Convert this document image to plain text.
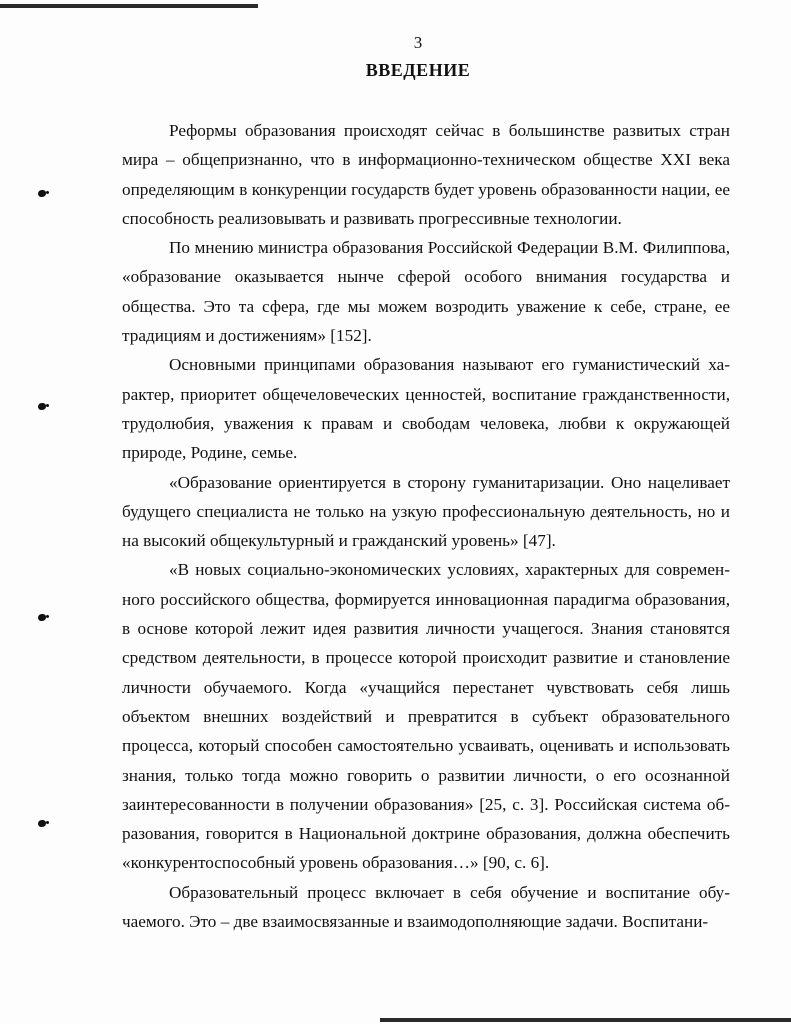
3
ВВЕДЕНИЕ

Реформы образования происходят сейчас в большинстве развитых стран мира – общепризнанно, что в информационно-техническом обществе XXI века определяющим в конкуренции государств будет уровень образованности нации, ее способность реализовывать и развивать прогрессивные технологии.

По мнению министра образования Российской Федерации В.М. Филиппова, «образование оказывается нынче сферой особого внимания государства и общества. Это та сфера, где мы можем возродить уважение к себе, стране, ее традициям и достижениям» [152].

Основными принципами образования называют его гуманистический характер, приоритет общечеловеческих ценностей, воспитание гражданственности, трудолюбия, уважения к правам и свободам человека, любви к окружающей природе, Родине, семье.

«Образование ориентируется в сторону гуманитаризации. Оно нацеливает будущего специалиста не только на узкую профессиональную деятельность, но и на высокий общекультурный и гражданский уровень» [47].

«В новых социально-экономических условиях, характерных для современного российского общества, формируется инновационная парадигма образования, в основе которой лежит идея развития личности учащегося. Знания становятся средством деятельности, в процессе которой происходит развитие и становление личности обучаемого. Когда «учащийся перестанет чувствовать себя лишь объектом внешних воздействий и превратится в субъект образовательного процесса, который способен самостоятельно усваивать, оценивать и использовать знания, только тогда можно говорить о развитии личности, о его осознанной заинтересованности в получении образования» [25, с. 3]. Российская система образования, говорится в Национальной доктрине образования, должна обеспечить «конкурентоспособный уровень образования…» [90, с. 6].

Образовательный процесс включает в себя обучение и воспитание обучаемого. Это – две взаимосвязанные и взаимодополняющие задачи. Воспитани-
